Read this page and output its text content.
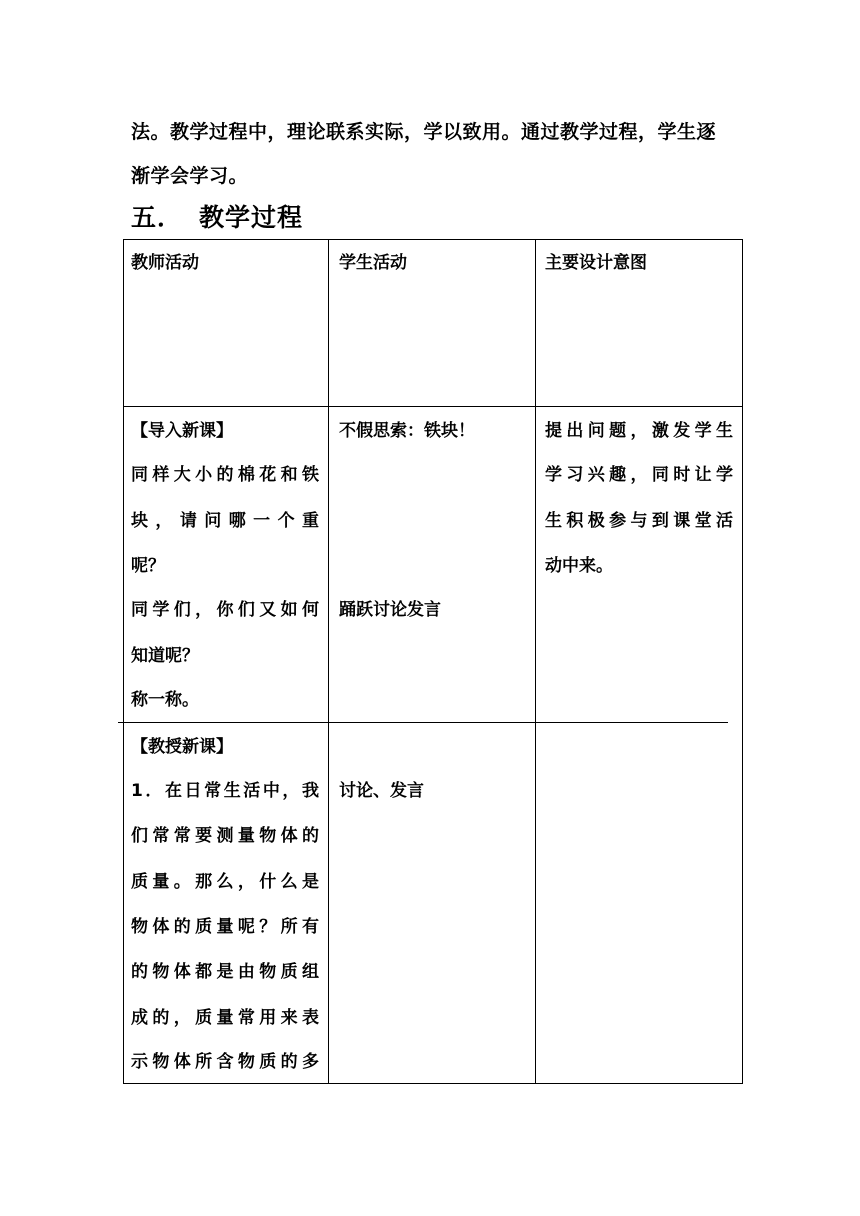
法。教学过程中，理论联系实际，学以致用。通过教学过程，学生逐
渐学会学习。
五． 教学过程
教师活动	学生活动	主要设计意图
【导入新课】
同样大小的棉花和铁
块，请问哪一个重
呢？
同学们，你们又如何
知道呢？
称一称。
不假思索：铁块！
踊跃讨论发言
提出问题，激发学生
学习兴趣，同时让学
生积极参与到课堂活
动中来。
【教授新课】
1．在日常生活中，我
们常常要测量物体的
质量。那么，什么是
物体的质量呢？所有
的物体都是由物质组
成的，质量常用来表
示物体所含物质的多
讨论、发言
